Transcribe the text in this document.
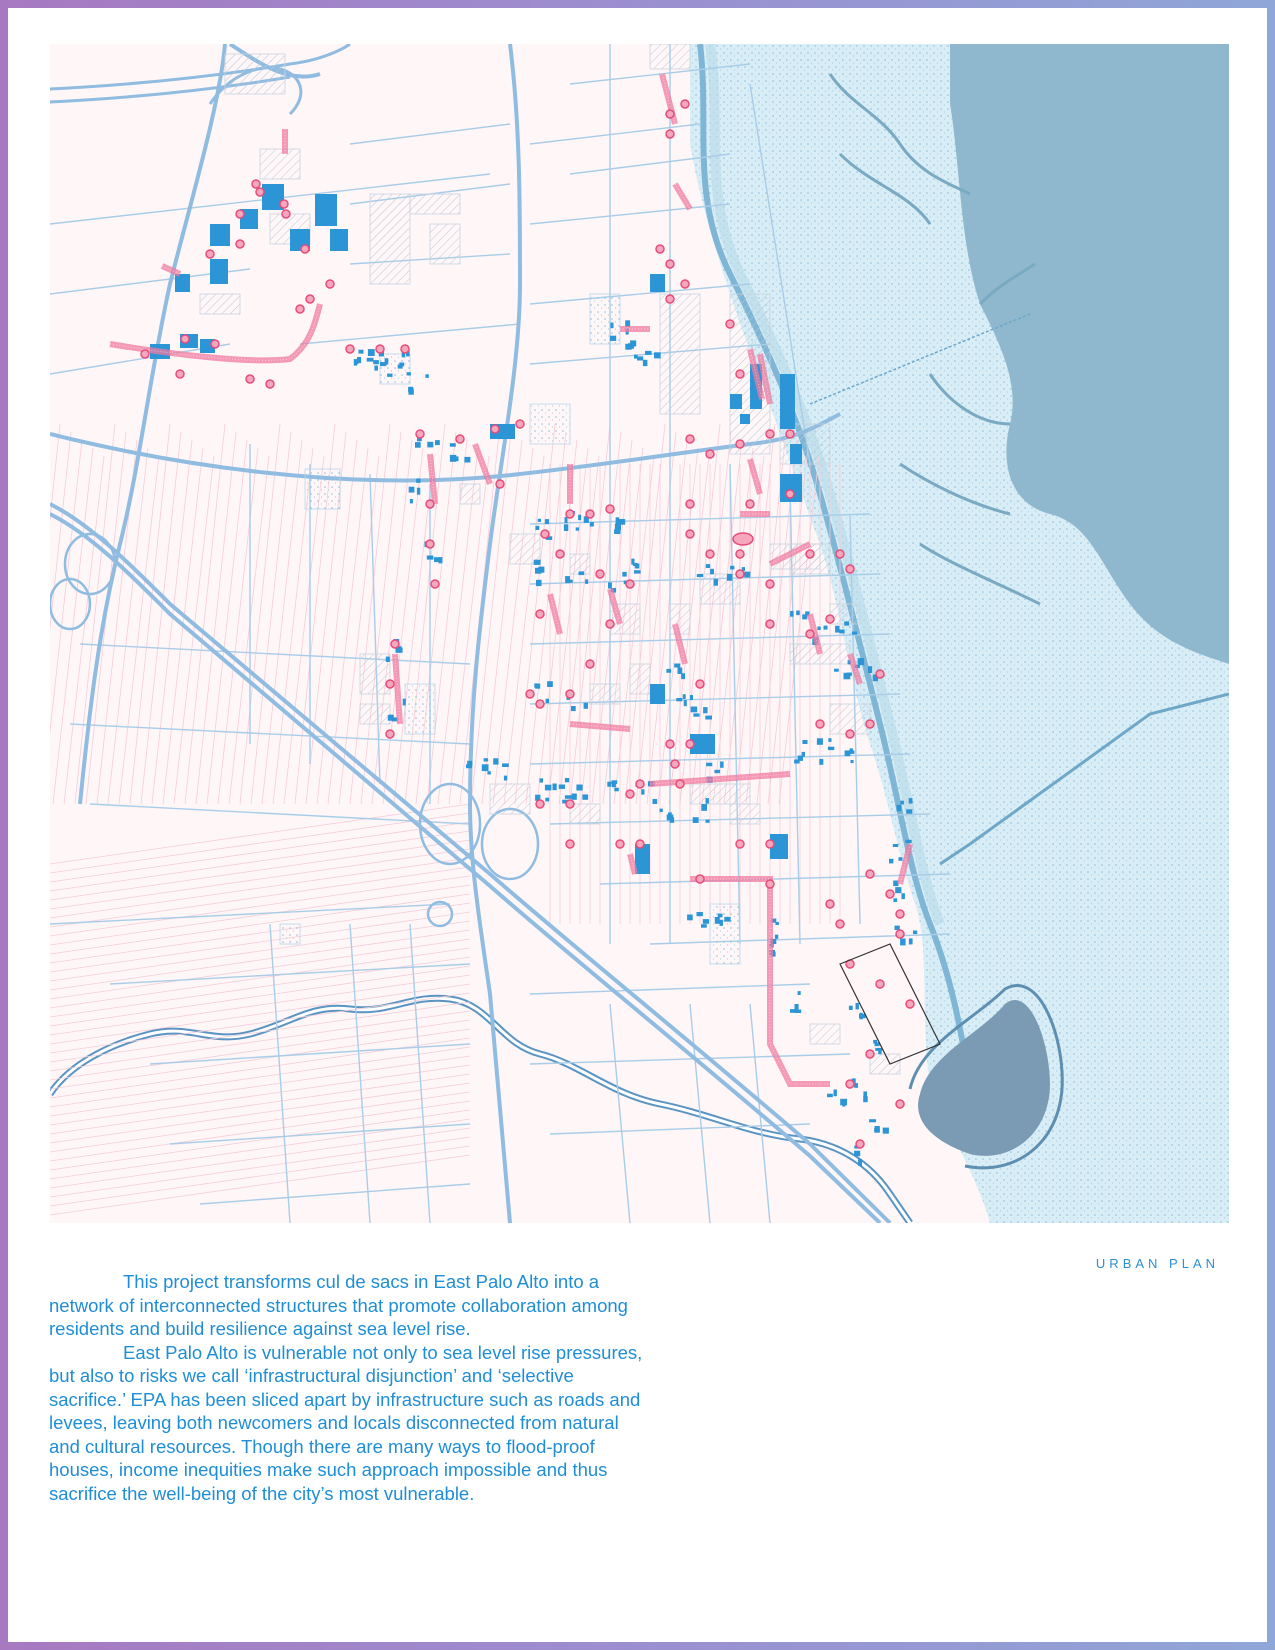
URBAN PLAN

This project transforms cul de sacs in East Palo Alto into a network of interconnected structures that promote collaboration among residents and build resilience against sea level rise.

East Palo Alto is vulnerable not only to sea level rise pressures, but also to risks we call ‘infrastructural disjunction’ and ‘selective sacrifice.’ EPA has been sliced apart by infrastructure such as roads and levees, leaving both newcomers and locals disconnected from natural and cultural resources. Though there are many ways to flood-proof houses, income inequities make such approach impossible and thus sacrifice the well-being of the city’s most vulnerable.
